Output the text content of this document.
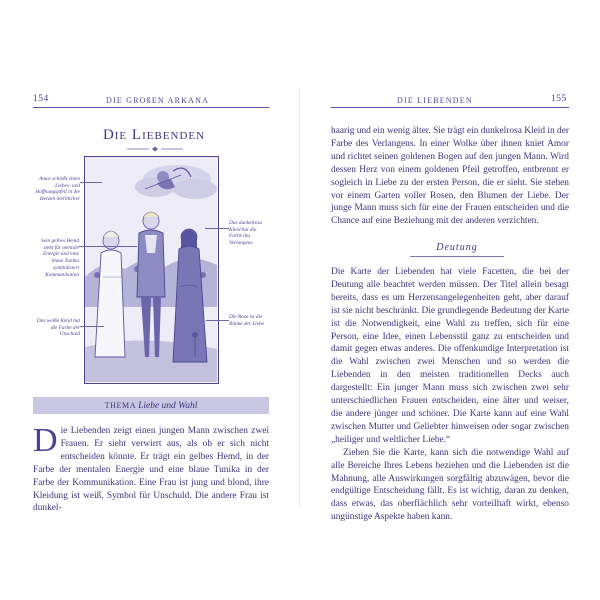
154	DIE GROßEN ARKANA	DIE LIEBENDEN	155
Die Liebenden
Amor schießt einen Liebes- und Hoffnungspfeil in die Herzen Sterblicher
Sein gelbes Hemd steht für mentale Energie und eine blaue Tunika symbolisiert Kommunikation
Das weiße Kleid hat die Farbe der Unschuld
Das dunkelrosa Kleid hat die Farbe des Verlangens
Die Rose ist die Blume der Liebe
THEMA Liebe und Wahl

Die Liebenden zeigt einen jungen Mann zwischen zwei Frauen. Er sieht verwirrt aus, als ob er sich nicht entscheiden könnte. Er trägt ein gelbes Hemd, in der Farbe der mentalen Energie und eine blaue Tunika in der Farbe der Kommunikation. Eine Frau ist jung und blond, ihre Kleidung ist weiß, Symbol für Unschuld. Die andere Frau ist dunkel-

haarig und ein wenig älter. Sie trägt ein dunkelrosa Kleid in der Farbe des Verlangens. In einer Wolke über ihnen kniet Amor und richtet seinen goldenen Bogen auf den jungen Mann. Wird dessen Herz von einem goldenen Pfeil getroffen, entbrennt er sogleich in Liebe zu der ersten Person, die er sieht. Sie stehen vor einem Garten voller Rosen, den Blumen der Liebe. Der junge Mann muss sich für eine der Frauen entscheiden und die Chance auf eine Beziehung mit der anderen verzichten.

Deutung

Die Karte der Liebenden hat viele Facetten, die bei der Deutung alle beachtet werden müssen. Der Titel allein besagt bereits, dass es um Herzensangelegenheiten geht, aber darauf ist sie nicht beschränkt. Die grundlegende Bedeutung der Karte ist die Notwendigkeit, eine Wahl zu treffen, sich für eine Person, eine Idee, einen Lebensstil ganz zu entscheiden und damit gegen etwas anderes. Die offenkundige Interpretation ist die Wahl zwischen zwei Menschen und so werden die Liebenden in den meisten traditionellen Decks auch dargestellt: Ein junger Mann muss sich zwischen zwei sehr unterschiedlichen Frauen entscheiden, eine älter und weiser, die andere jünger und schöner. Die Karte kann auf eine Wahl zwischen Mutter und Geliebter hinweisen oder sogar zwischen „heiliger und weltlicher Liebe.“

Ziehen Sie die Karte, kann sich die notwendige Wahl auf alle Bereiche Ihres Lebens beziehen und die Liebenden ist die Mahnung, alle Auswirkungen sorgfältig abzuwägen, bevor die endgültige Entscheidung fällt. Es ist wichtig, daran zu denken, dass etwas, das oberflächlich sehr vorteilhaft wirkt, ebenso ungünstige Aspekte haben kann.
